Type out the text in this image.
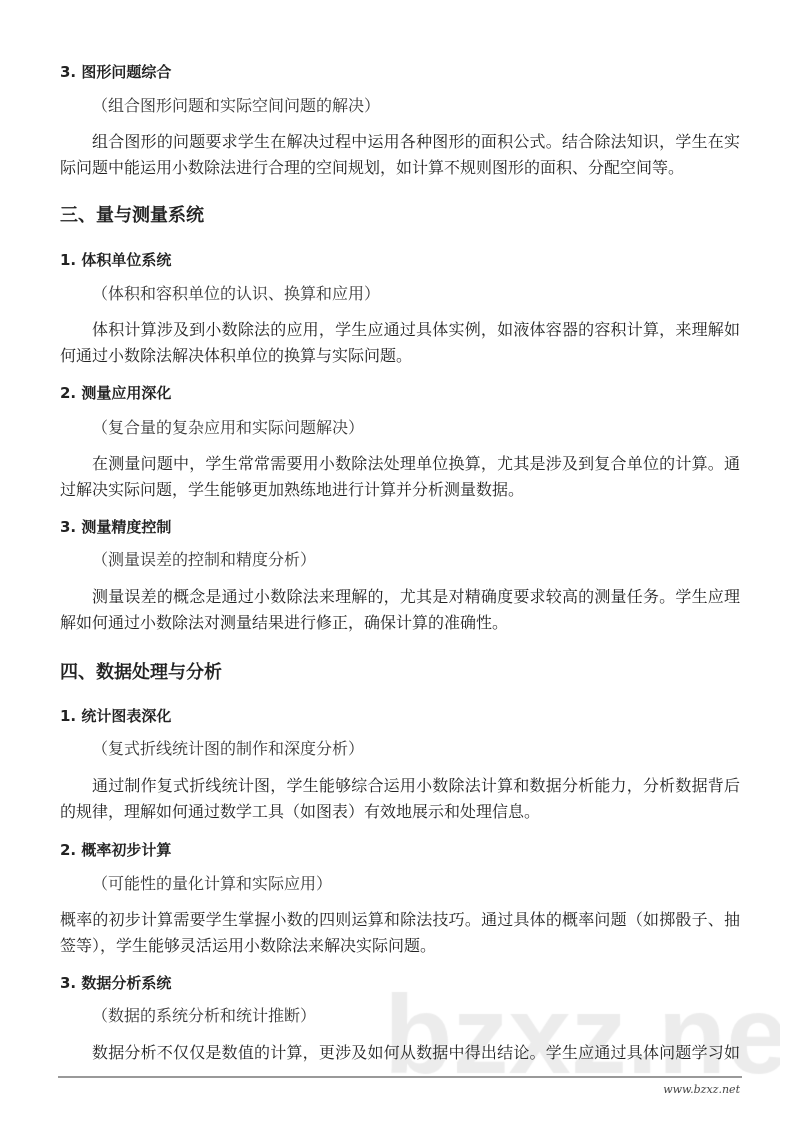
3. 图形问题综合
（组合图形问题和实际空间问题的解决）
组合图形的问题要求学生在解决过程中运用各种图形的面积公式。结合除法知识，学生在实
际问题中能运用小数除法进行合理的空间规划，如计算不规则图形的面积、分配空间等。
三、量与测量系统
1. 体积单位系统
（体积和容积单位的认识、换算和应用）
体积计算涉及到小数除法的应用，学生应通过具体实例，如液体容器的容积计算，来理解如
何通过小数除法解决体积单位的换算与实际问题。
2. 测量应用深化
（复合量的复杂应用和实际问题解决）
在测量问题中，学生常常需要用小数除法处理单位换算，尤其是涉及到复合单位的计算。通
过解决实际问题，学生能够更加熟练地进行计算并分析测量数据。
3. 测量精度控制
（测量误差的控制和精度分析）
测量误差的概念是通过小数除法来理解的，尤其是对精确度要求较高的测量任务。学生应理
解如何通过小数除法对测量结果进行修正，确保计算的准确性。
四、数据处理与分析
1. 统计图表深化
（复式折线统计图的制作和深度分析）
通过制作复式折线统计图，学生能够综合运用小数除法计算和数据分析能力，分析数据背后
的规律，理解如何通过数学工具（如图表）有效地展示和处理信息。
2. 概率初步计算
（可能性的量化计算和实际应用）
概率的初步计算需要学生掌握小数的四则运算和除法技巧。通过具体的概率问题（如掷骰子、抽
签等），学生能够灵活运用小数除法来解决实际问题。
3. 数据分析系统
（数据的系统分析和统计推断）
数据分析不仅仅是数值的计算，更涉及如何从数据中得出结论。学生应通过具体问题学习如
www.bzxz.net
